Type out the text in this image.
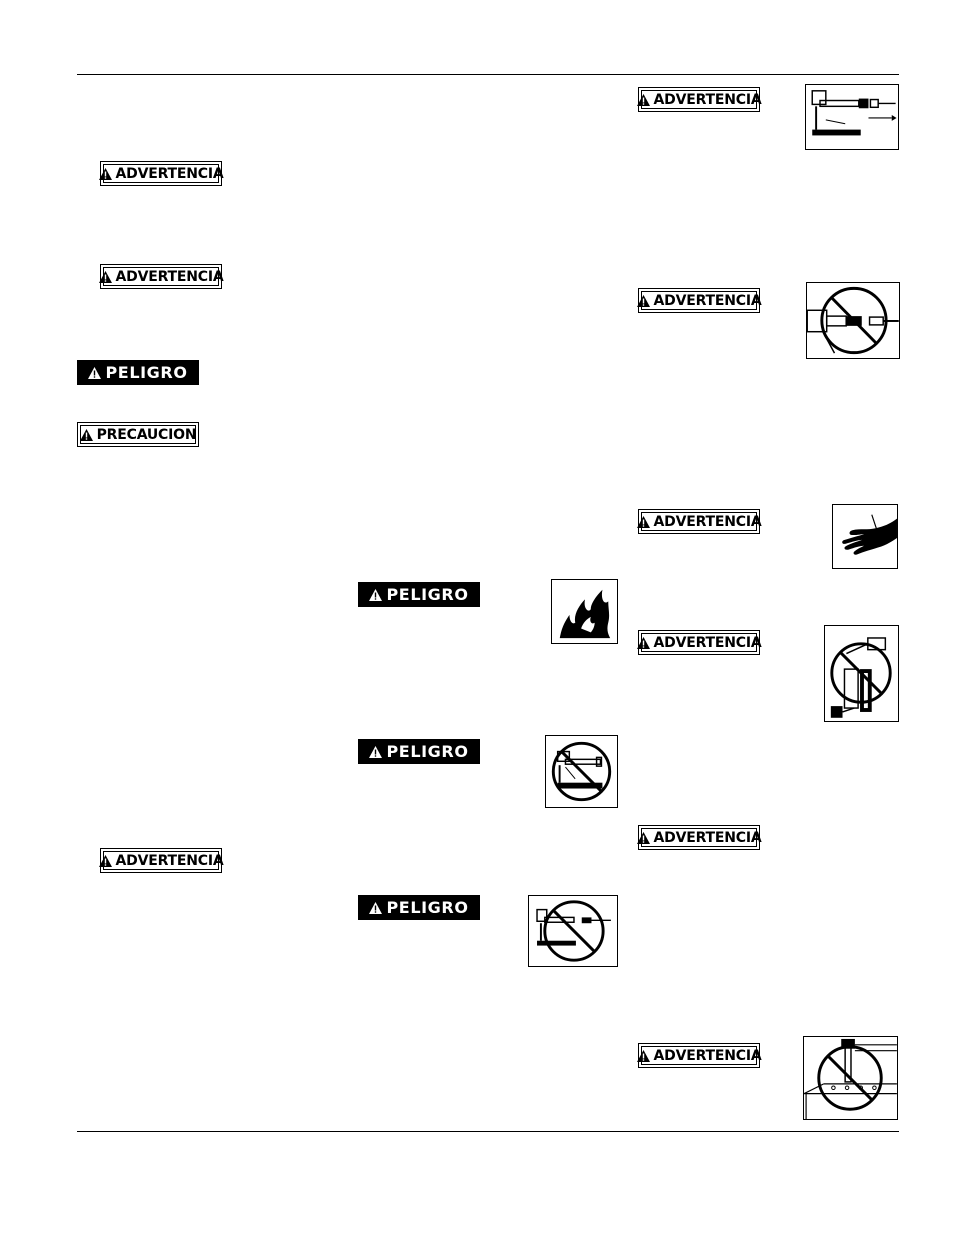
ADVERTENCIA
ADVERTENCIA
PELIGRO
PRECAUCION
ADVERTENCIA
PELIGRO
PELIGRO
PELIGRO
ADVERTENCIA
ADVERTENCIA
ADVERTENCIA
ADVERTENCIA
ADVERTENCIA
ADVERTENCIA
